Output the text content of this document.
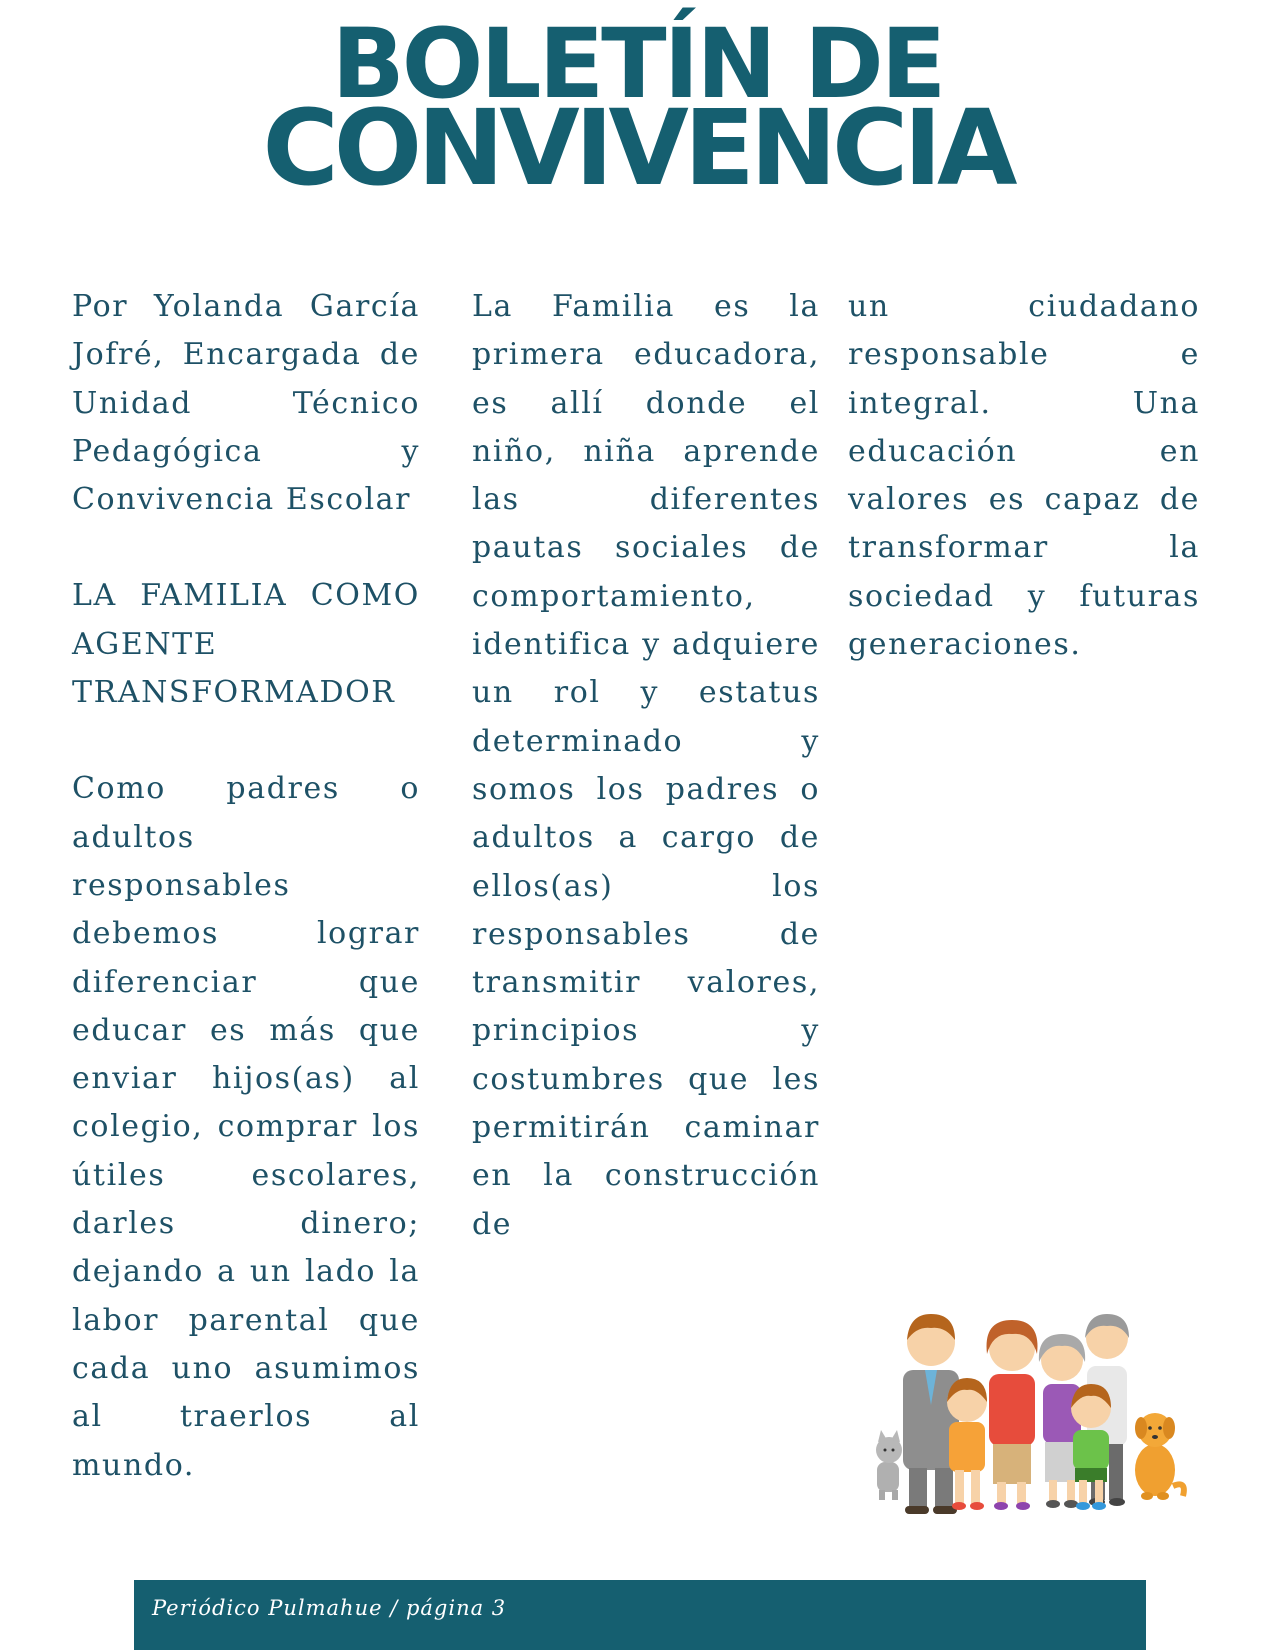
BOLETÍN DE
CONVIVENCIA

Por Yolanda García Jofré, Encargada de Unidad Técnico Pedagógica y Convivencia Escolar

LA FAMILIA COMO AGENTE TRANSFORMADOR

Como padres o adultos responsables debemos lograr diferenciar que educar es más que enviar hijos(as) al colegio, comprar los útiles escolares, darles dinero; dejando a un lado la labor parental que cada uno asumimos al traerlos al mundo.

La Familia es la primera educadora, es allí donde el niño, niña aprende las diferentes pautas sociales de comportamiento, identifica y adquiere un rol y estatus determinado y somos los padres o adultos a cargo de ellos(as) los responsables de transmitir valores, principios y costumbres que les permitirán caminar en la construcción de

un ciudadano responsable e integral. Una educación en valores es capaz de transformar la sociedad y futuras generaciones.

Periódico Pulmahue / página 3
